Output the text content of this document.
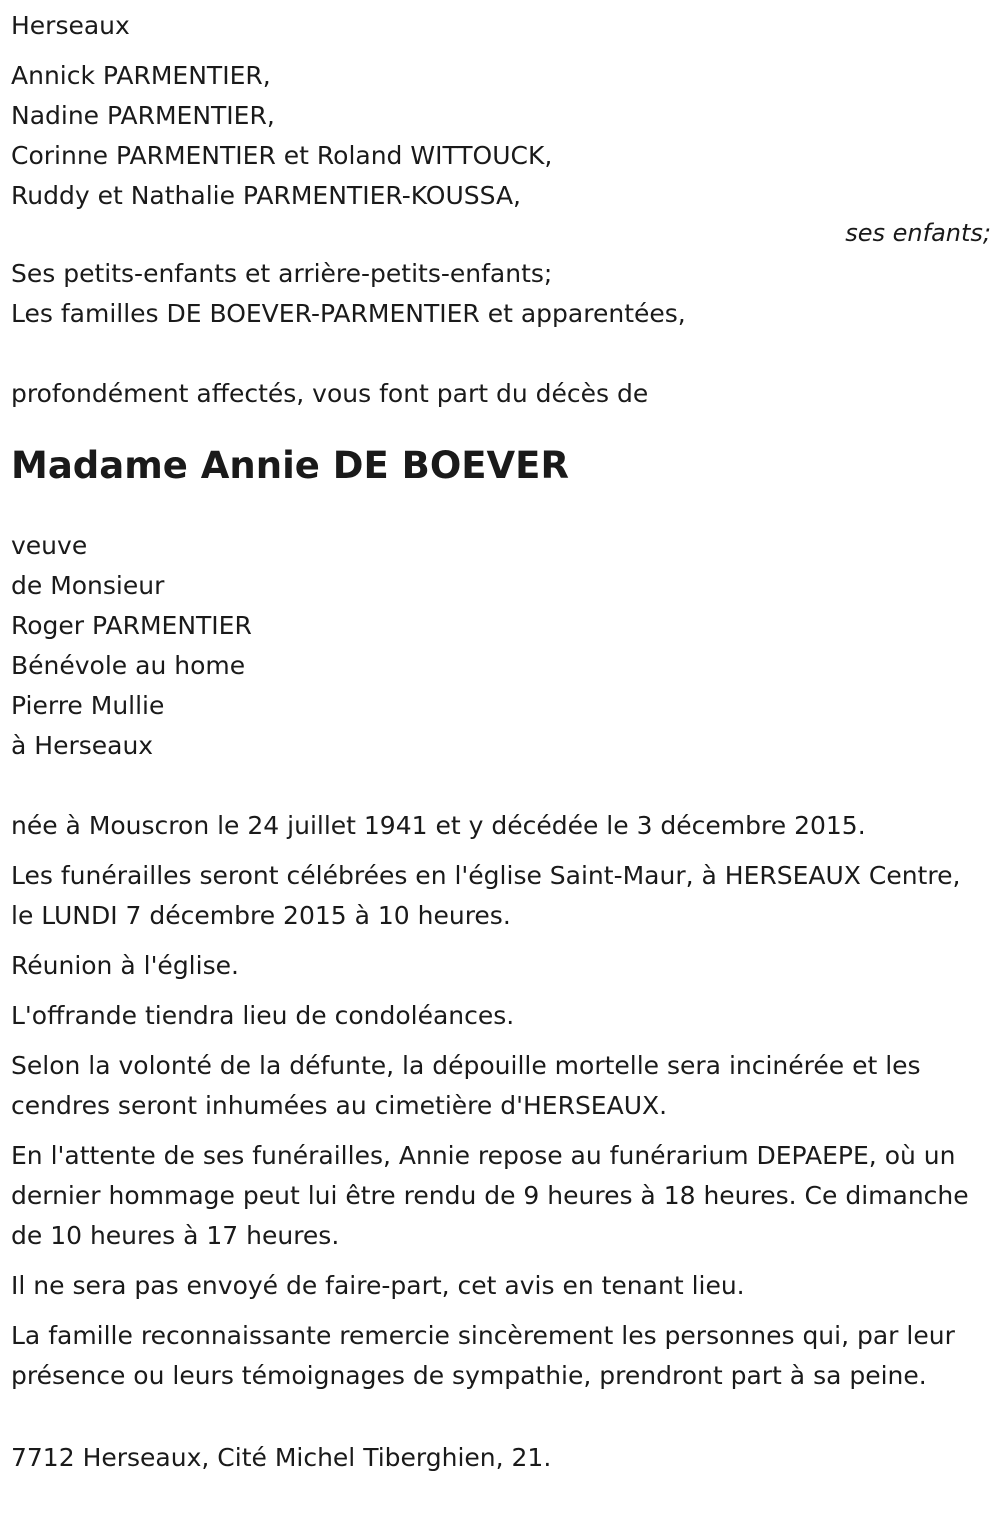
Herseaux
Annick PARMENTIER,
Nadine PARMENTIER,
Corinne PARMENTIER et Roland WITTOUCK,
Ruddy et Nathalie PARMENTIER-KOUSSA,
ses enfants;
Ses petits-enfants et arrière-petits-enfants;
Les familles DE BOEVER-PARMENTIER et apparentées,
profondément affectés, vous font part du décès de
Madame Annie DE BOEVER
veuve
de Monsieur
Roger PARMENTIER
Bénévole au home
Pierre Mullie
à Herseaux
née à Mouscron le 24 juillet 1941 et y décédée le 3 décembre 2015.
Les funérailles seront célébrées en l'église Saint-Maur, à HERSEAUX Centre, le LUNDI 7 décembre 2015 à 10 heures.
Réunion à l'église.
L'offrande tiendra lieu de condoléances.
Selon la volonté de la défunte, la dépouille mortelle sera incinérée et les cendres seront inhumées au cimetière d'HERSEAUX.
En l'attente de ses funérailles, Annie repose au funérarium DEPAEPE, où un dernier hommage peut lui être rendu de 9 heures à 18 heures. Ce dimanche de 10 heures à 17 heures.
Il ne sera pas envoyé de faire-part, cet avis en tenant lieu.
La famille reconnaissante remercie sincèrement les personnes qui, par leur présence ou leurs témoignages de sympathie, prendront part à sa peine.
7712 Herseaux, Cité Michel Tiberghien, 21.
